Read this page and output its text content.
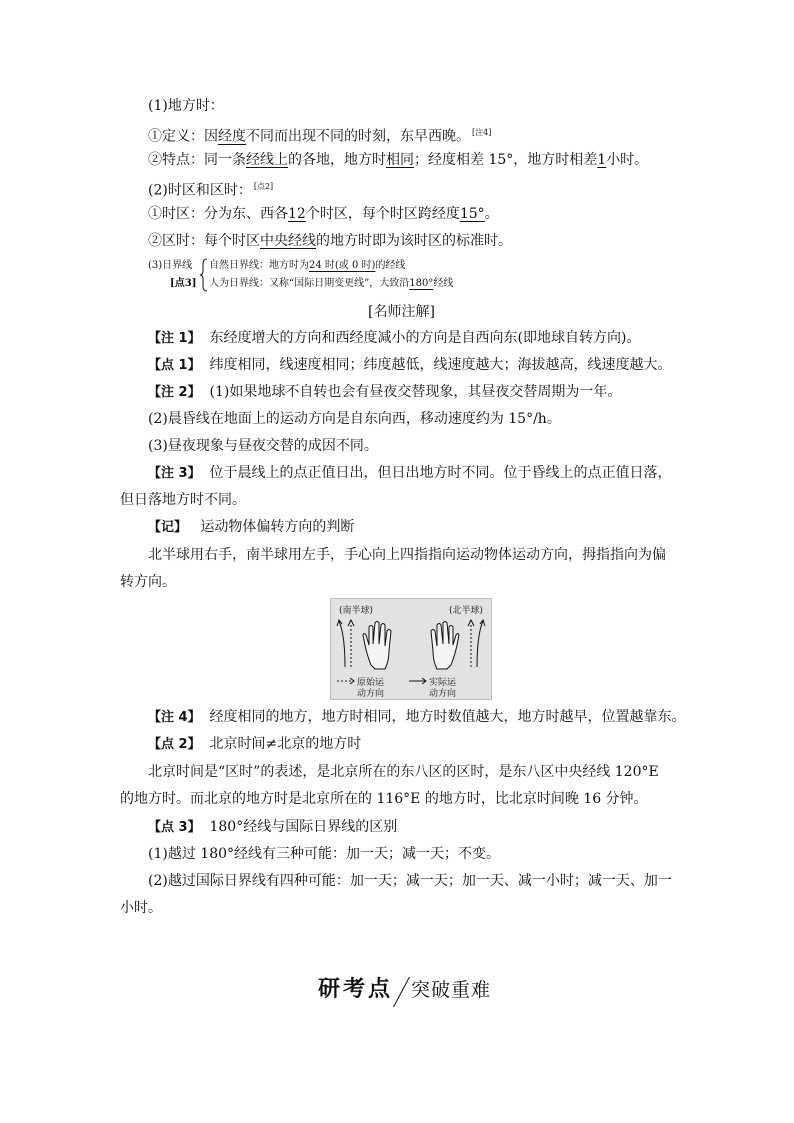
(1)地方时：
①定义：因经度不同而出现不同的时刻，东早西晚。 [注4]
②特点：同一条经线上的各地，地方时相同；经度相差 15°，地方时相差1小时。
(2)时区和区时： [点2]
①时区：分为东、西各12个时区，每个时区跨经度15°。
②区时：每个时区中央经线的地方时即为该时区的标准时。
(3)日界线
[点3]
自然日界线：地方时为24 时(或 0 时)的经线
人为日界线：又称“国际日期变更线”，大致沿180°经线
[名师注解]
【注 1】 东经度增大的方向和西经度减小的方向是自西向东(即地球自转方向)。
【点 1】 纬度相同，线速度相同；纬度越低，线速度越大；海拔越高，线速度越大。
【注 2】 (1)如果地球不自转也会有昼夜交替现象，其昼夜交替周期为一年。
(2)晨昏线在地面上的运动方向是自东向西，移动速度约为 15°/h。
(3)昼夜现象与昼夜交替的成因不同。
【注 3】 位于晨线上的点正值日出，但日出地方时不同。位于昏线上的点正值日落，
但日落地方时不同。
【记】 运动物体偏转方向的判断
北半球用右手，南半球用左手，手心向上四指指向运动物体运动方向，拇指指向为偏
转方向。
(南半球)	(北半球)
原始运
动方向
实际运
动方向
【注 4】 经度相同的地方，地方时相同，地方时数值越大，地方时越早，位置越靠东。
【点 2】 北京时间≠北京的地方时
北京时间是“区时”的表述，是北京所在的东八区的区时，是东八区中央经线 120°E
的地方时。而北京的地方时是北京所在的 116°E 的地方时，比北京时间晚 16 分钟。
【点 3】 180°经线与国际日界线的区别
(1)越过 180°经线有三种可能：加一天；减一天；不变。
(2)越过国际日界线有四种可能：加一天；减一天；加一天、减一小时；减一天、加一
小时。
研考点 突破重难
